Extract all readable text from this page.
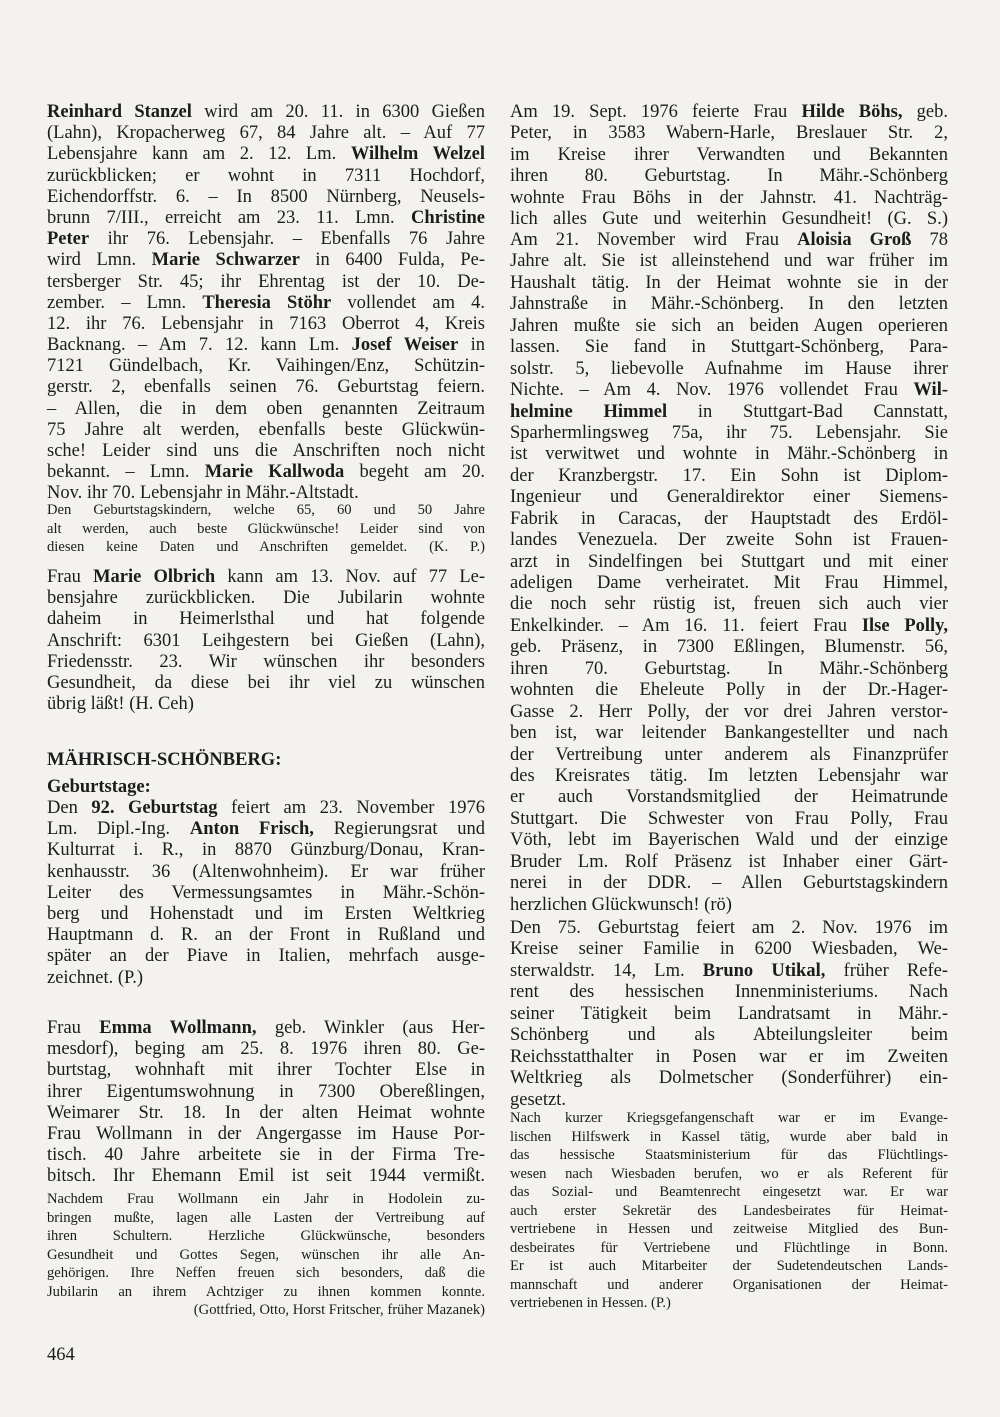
Reinhard Stanzel wird am 20. 11. in 6300 Gießen
(Lahn), Kropacherweg 67, 84 Jahre alt. – Auf 77
Lebensjahre kann am 2. 12. Lm. Wilhelm Welzel
zurückblicken; er wohnt in 7311 Hochdorf,
Eichendorffstr. 6. – In 8500 Nürnberg, Neusels-
brunn 7/III., erreicht am 23. 11. Lmn. Christine
Peter ihr 76. Lebensjahr. – Ebenfalls 76 Jahre
wird Lmn. Marie Schwarzer in 6400 Fulda, Pe-
tersberger Str. 45; ihr Ehrentag ist der 10. De-
zember. – Lmn. Theresia Stöhr vollendet am 4.
12. ihr 76. Lebensjahr in 7163 Oberrot 4, Kreis
Backnang. – Am 7. 12. kann Lm. Josef Weiser in
7121 Gündelbach, Kr. Vaihingen/Enz, Schützin-
gerstr. 2, ebenfalls seinen 76. Geburtstag feiern.
– Allen, die in dem oben genannten Zeitraum
75 Jahre alt werden, ebenfalls beste Glückwün-
sche! Leider sind uns die Anschriften noch nicht
bekannt. – Lmn. Marie Kallwoda begeht am 20.
Nov. ihr 70. Lebensjahr in Mähr.-Altstadt.
Den Geburtstagskindern, welche 65, 60 und 50 Jahre
alt werden, auch beste Glückwünsche! Leider sind von
diesen keine Daten und Anschriften gemeldet. (K. P.)
Frau Marie Olbrich kann am 13. Nov. auf 77 Le-
bensjahre zurückblicken. Die Jubilarin wohnte
daheim in Heimerlsthal und hat folgende
Anschrift: 6301 Leihgestern bei Gießen (Lahn),
Friedensstr. 23. Wir wünschen ihr besonders
Gesundheit, da diese bei ihr viel zu wünschen
übrig läßt! (H. Ceh)
MÄHRISCH-SCHÖNBERG:
Geburtstage:
Den 92. Geburtstag feiert am 23. November 1976
Lm. Dipl.-Ing. Anton Frisch, Regierungsrat und
Kulturrat i. R., in 8870 Günzburg/Donau, Kran-
kenhausstr. 36 (Altenwohnheim). Er war früher
Leiter des Vermessungsamtes in Mähr.-Schön-
berg und Hohenstadt und im Ersten Weltkrieg
Hauptmann d. R. an der Front in Rußland und
später an der Piave in Italien, mehrfach ausge-
zeichnet. (P.)
Frau Emma Wollmann, geb. Winkler (aus Her-
mesdorf), beging am 25. 8. 1976 ihren 80. Ge-
burtstag, wohnhaft mit ihrer Tochter Else in
ihrer Eigentumswohnung in 7300 Obereßlingen,
Weimarer Str. 18. In der alten Heimat wohnte
Frau Wollmann in der Angergasse im Hause Por-
tisch. 40 Jahre arbeitete sie in der Firma Tre-
bitsch. Ihr Ehemann Emil ist seit 1944 vermißt.
Nachdem Frau Wollmann ein Jahr in Hodolein zu-
bringen mußte, lagen alle Lasten der Vertreibung auf
ihren Schultern. Herzliche Glückwünsche, besonders
Gesundheit und Gottes Segen, wünschen ihr alle An-
gehörigen. Ihre Neffen freuen sich besonders, daß die
Jubilarin an ihrem Achtziger zu ihnen kommen konnte.
(Gottfried, Otto, Horst Fritscher, früher Mazanek)
464
Am 19. Sept. 1976 feierte Frau Hilde Böhs, geb.
Peter, in 3583 Wabern-Harle, Breslauer Str. 2,
im Kreise ihrer Verwandten und Bekannten
ihren 80. Geburtstag. In Mähr.-Schönberg
wohnte Frau Böhs in der Jahnstr. 41. Nachträg-
lich alles Gute und weiterhin Gesundheit! (G. S.)
Am 21. November wird Frau Aloisia Groß 78
Jahre alt. Sie ist alleinstehend und war früher im
Haushalt tätig. In der Heimat wohnte sie in der
Jahnstraße in Mähr.-Schönberg. In den letzten
Jahren mußte sie sich an beiden Augen operieren
lassen. Sie fand in Stuttgart-Schönberg, Para-
solstr. 5, liebevolle Aufnahme im Hause ihrer
Nichte. – Am 4. Nov. 1976 vollendet Frau Wil-
helmine Himmel in Stuttgart-Bad Cannstatt,
Sparhermlingsweg 75a, ihr 75. Lebensjahr. Sie
ist verwitwet und wohnte in Mähr.-Schönberg in
der Kranzbergstr. 17. Ein Sohn ist Diplom-
Ingenieur und Generaldirektor einer Siemens-
Fabrik in Caracas, der Hauptstadt des Erdöl-
landes Venezuela. Der zweite Sohn ist Frauen-
arzt in Sindelfingen bei Stuttgart und mit einer
adeligen Dame verheiratet. Mit Frau Himmel,
die noch sehr rüstig ist, freuen sich auch vier
Enkelkinder. – Am 16. 11. feiert Frau Ilse Polly,
geb. Präsenz, in 7300 Eßlingen, Blumenstr. 56,
ihren 70. Geburtstag. In Mähr.-Schönberg
wohnten die Eheleute Polly in der Dr.-Hager-
Gasse 2. Herr Polly, der vor drei Jahren verstor-
ben ist, war leitender Bankangestellter und nach
der Vertreibung unter anderem als Finanzprüfer
des Kreisrates tätig. Im letzten Lebensjahr war
er auch Vorstandsmitglied der Heimatrunde
Stuttgart. Die Schwester von Frau Polly, Frau
Vöth, lebt im Bayerischen Wald und der einzige
Bruder Lm. Rolf Präsenz ist Inhaber einer Gärt-
nerei in der DDR. – Allen Geburtstagskindern
herzlichen Glückwunsch! (rö)
Den 75. Geburtstag feiert am 2. Nov. 1976 im
Kreise seiner Familie in 6200 Wiesbaden, We-
sterwaldstr. 14, Lm. Bruno Utikal, früher Refe-
rent des hessischen Innenministeriums. Nach
seiner Tätigkeit beim Landratsamt in Mähr.-
Schönberg und als Abteilungsleiter beim
Reichsstatthalter in Posen war er im Zweiten
Weltkrieg als Dolmetscher (Sonderführer) ein-
gesetzt.
Nach kurzer Kriegsgefangenschaft war er im Evange-
lischen Hilfswerk in Kassel tätig, wurde aber bald in
das hessische Staatsministerium für das Flüchtlings-
wesen nach Wiesbaden berufen, wo er als Referent für
das Sozial- und Beamtenrecht eingesetzt war. Er war
auch erster Sekretär des Landesbeirates für Heimat-
vertriebene in Hessen und zeitweise Mitglied des Bun-
desbeirates für Vertriebene und Flüchtlinge in Bonn.
Er ist auch Mitarbeiter der Sudetendeutschen Lands-
mannschaft und anderer Organisationen der Heimat-
vertriebenen in Hessen. (P.)
